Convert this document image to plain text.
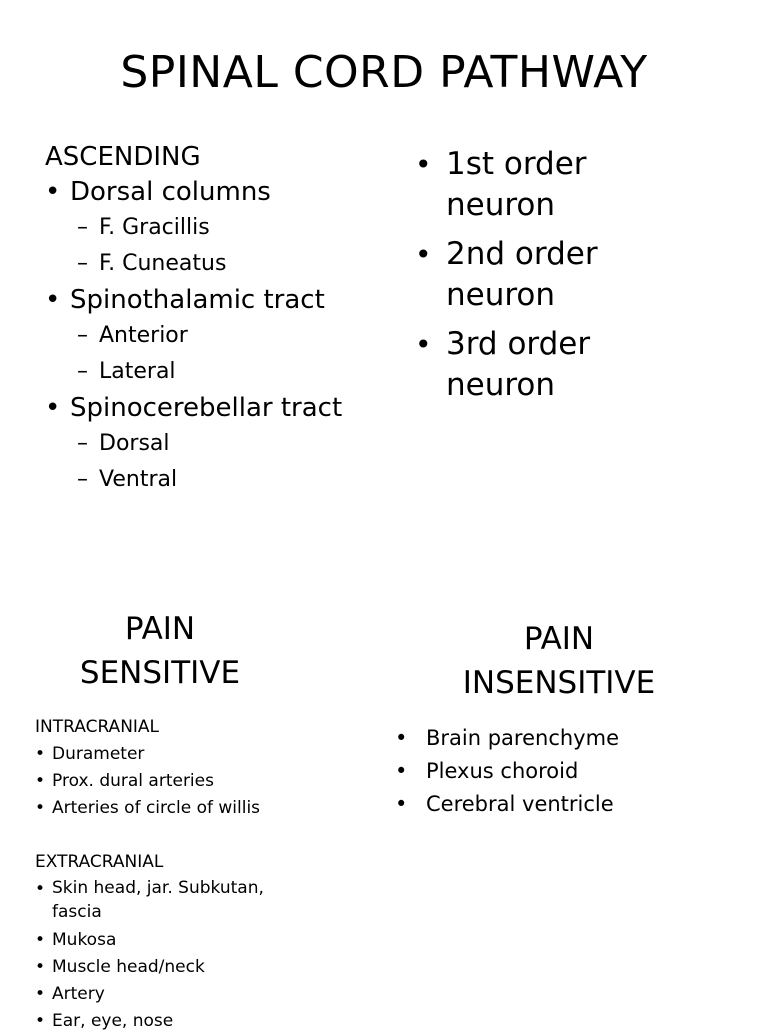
SPINAL CORD PATHWAY
ASCENDING
• Dorsal columns
– F. Gracillis
– F. Cuneatus
• Spinothalamic tract
– Anterior
– Lateral
• Spinocerebellar tract
– Dorsal
– Ventral
• 1st order
neuron
• 2nd order
neuron
• 3rd order
neuron
PAIN
SENSITIVE
PAIN
INSENSITIVE
INTRACRANIAL
• Durameter
• Prox. dural arteries
• Arteries of circle of willis
EXTRACRANIAL
• Skin head, jar. Subkutan,
fascia
• Mukosa
• Muscle head/neck
• Artery
• Ear, eye, nose
• Brain parenchyme
• Plexus choroid
• Cerebral ventricle
